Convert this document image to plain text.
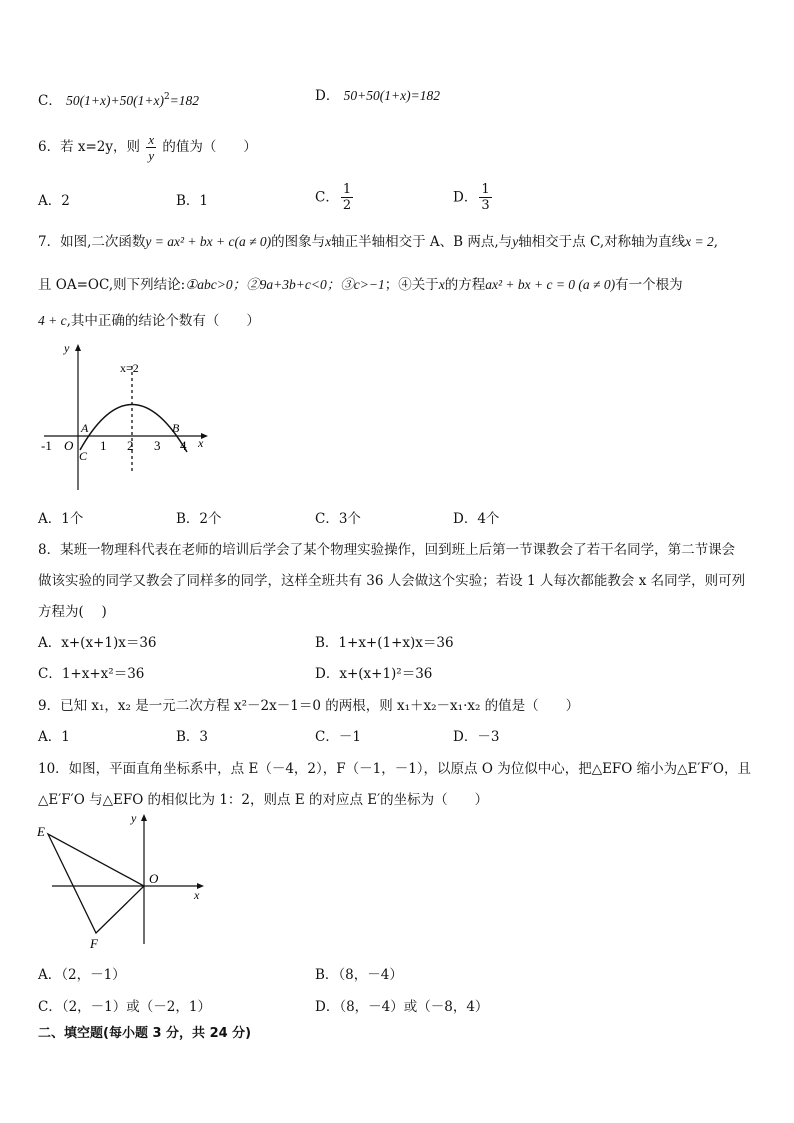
C． $50(1+x)+50(1+x)^2=182$	D． 50+50(1+x)=182
6．若 x=2y，则 $\frac{x}{y}$ 的值为（　　）
A．2	B．1	C． $\frac{1}{2}$	D． $\frac{1}{3}$
7．如图,二次函数y = ax² + bx + c(a ≠ 0)的图象与x轴正半轴相交于 A、B 两点,与y轴相交于点 C,对称轴为直线x = 2,
且 OA=OC,则下列结论:①abc>0；②9a+3b+c<0；③c>−1；④关于x的方程ax² + bx + c = 0 (a ≠ 0)有一个根为
4 + c,其中正确的结论个数有（　　）
y
x
x=2
-1 O 1 2 3 4
A	B
C
A．1个	B．2个	C．3个	D．4个
8．某班一物理科代表在老师的培训后学会了某个物理实验操作，回到班上后第一节课教会了若干名同学，第二节课会
做该实验的同学又教会了同样多的同学，这样全班共有 36 人会做这个实验；若设 1 人每次都能教会 x 名同学，则可列
方程为(　 )
A．x+(x+1)x＝36	B．1+x+(1+x)x＝36
C．1+x+x²＝36	D．x+(x+1)²＝36
9．已知 x₁，x₂ 是一元二次方程 x²－2x－1＝0 的两根，则 x₁＋x₂－x₁·x₂ 的值是（　　）
A．1	B．3	C．－1	D．－3
10．如图，平面直角坐标系中，点 E（－4，2），F（－1，－1），以原点 O 为位似中心，把△EFO 缩小为△E′F′O，且
△E′F′O 与△EFO 的相似比为 1：2，则点 E 的对应点 E′的坐标为（　　）
E
F
O
x
y
A．（2，－1）	B．（8，－4）
C．（2，－1）或（－2，1）	D．（8，－4）或（－8，4）
二、填空题(每小题 3 分，共 24 分)
